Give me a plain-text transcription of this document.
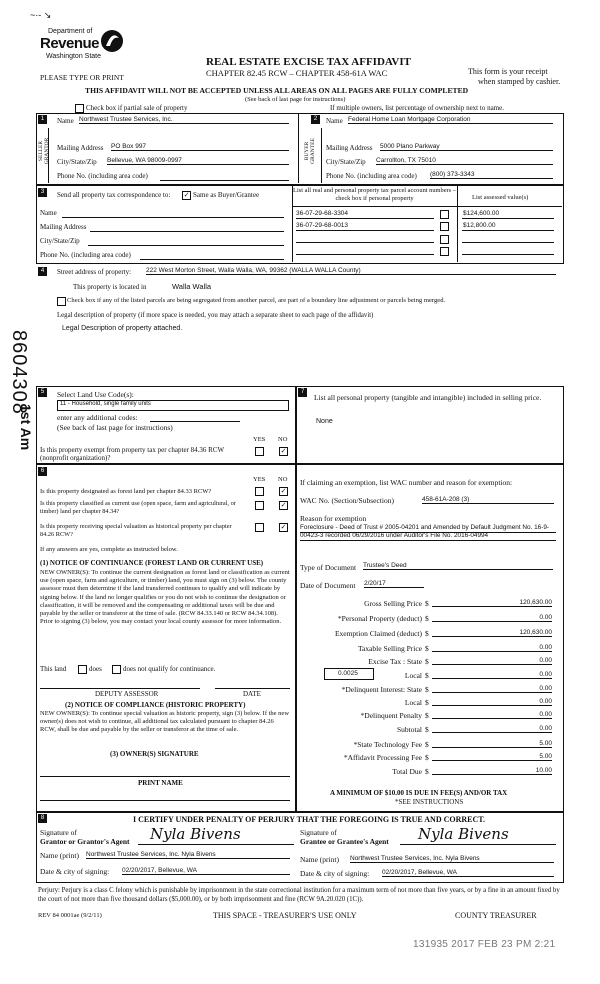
~·- ↘
Department of
Revenue
Washington State	REAL ESTATE EXCISE TAX AFFIDAVIT
CHAPTER 82.45 RCW – CHAPTER 458-61A WAC
PLEASE TYPE OR PRINT
This form is your receipt
when stamped by cashier.
THIS AFFIDAVIT WILL NOT BE ACCEPTED UNLESS ALL AREAS ON ALL PAGES ARE FULLY COMPLETED
(See back of last page for instructions)
Check box if partial sale of property	If multiple owners, list percentage of ownership next to name.
1	2
SELLER GRANTOR	BUYER GRANTEE
Name Northwest Trustee Services, Inc.
Mailing Address PO Box 997
City/State/Zip Bellevue, WA 98009-0997
Phone No. (including area code)
Name Federal Home Loan Mortgage Corporation
Mailing Address 5000 Plano Parkway
City/State/Zip Carrollton, TX 75010
Phone No. (including area code) (800) 373-3343
3	Send all property tax correspondence to: ✓ Same as Buyer/Grantee
Name
Mailing Address
City/State/Zip
Phone No. (including area code)
List all real and personal property tax parcel account numbers – check box if personal property	List assessed value(s)
36-07-29-68-3304	$124,600.00
36-07-29-68-0013	$12,800.00
4	Street address of property: 222 West Morton Street, Walla Walla, WA, 99362 (WALLA WALLA County)
This property is located in	Walla Walla
Check box if any of the listed parcels are being segregated from another parcel, are part of a boundary line adjustment or parcels being merged.
Legal description of property (if more space is needed, you may attach a separate sheet to each page of the affidavit)
Legal Description of property attached.
8604308
1st Am
5	Select Land Use Code(s):
11 - Household, single family units
enter any additional codes:
(See back of last page for instructions)
YES NO
Is this property exempt from property tax per chapter 84.36 RCW (nonprofit organization)?
✓
7
List all personal property (tangible and intangible) included in selling price.
None
6
YES NO
Is this property designated as forest land per chapter 84.33 RCW?	✓
Is this property classified as current use (open space, farm and agricultural, or timber) land per chapter 84.34?
✓
Is this property receiving special valuation as historical property per chapter 84.26 RCW?
✓
If any answers are yes, complete as instructed below.
(1) NOTICE OF CONTINUANCE (FOREST LAND OR CURRENT USE)
NEW OWNER(S): To continue the current designation as forest land or classification as current use (open space, farm and agriculture, or timber) land, you must sign on (3) below. The county assessor must then determine if the land transferred continues to qualify and will indicate by signing below. If the land no longer qualifies or you do not wish to continue the designation or classification, it will be removed and the compensating or additional taxes will be due and payable by the seller or transferor at the time of sale. (RCW 84.33.140 or RCW 84.34.108). Prior to signing (3) below, you may contact your local county assessor for more information.
This land	does	does not qualify for continuance.
DEPUTY ASSESSOR	DATE
(2) NOTICE OF COMPLIANCE (HISTORIC PROPERTY)
NEW OWNER(S): To continue special valuation as historic property, sign (3) below. If the new owner(s) does not wish to continue, all additional tax calculated pursuant to chapter 84.26 RCW, shall be due and payable by the seller or transferor at the time of sale.
(3) OWNER(S) SIGNATURE
PRINT NAME
If claiming an exemption, list WAC number and reason for exemption:
WAC No. (Section/Subsection)	458-61A-208 (3)
Reason for exemption
Foreclosure - Deed of Trust # 2005-04201 and Amended by Default Judgment No. 16-9-00423-3 recorded 06/29/2016 under Auditor's File No. 2016-04994
Type of Document Trustee's Deed
Date of Document 2/20/17
Gross Selling Price $	120,630.00
*Personal Property (deduct) $	0.00
Exemption Claimed (deduct) $	120,630.00
Taxable Selling Price $	0.00
Excise Tax : State $	0.00
0.0025	Local $	0.00
*Delinquent Interest: State $	0.00
Local $	0.00
*Delinquent Penalty $	0.00
Subtotal $	0.00
*State Technology Fee $	5.00
*Affidavit Processing Fee $	5.00
Total Due $	10.00
A MINIMUM OF $10.00 IS DUE IN FEE(S) AND/OR TAX
*SEE INSTRUCTIONS
8	I CERTIFY UNDER PENALTY OF PERJURY THAT THE FOREGOING IS TRUE AND CORRECT.
Signature of
Grantor or Grantor's Agent Nyla Bivens	Signature of
Grantee or Grantee's Agent Nyla Bivens
Name (print) Northwest Trustee Services, Inc. Nyla Bivens
Name (print) Northwest Trustee Services, Inc. Nyla Bivens
Date & city of signing: 02/20/2017, Bellevue, WA	Date & city of signing: 02/20/2017, Bellevue, WA
Perjury: Perjury is a class C felony which is punishable by imprisonment in the state correctional institution for a maximum term of not more than five years, or by a fine in an amount fixed by the court of not more than five thousand dollars ($5,000.00), or by both imprisonment and fine (RCW 9A.20.020 (1C)).
REV 84 0001ae (9/2/11)	THIS SPACE - TREASURER'S USE ONLY	COUNTY TREASURER
131935 2017 FEB 23 PM 2:21
